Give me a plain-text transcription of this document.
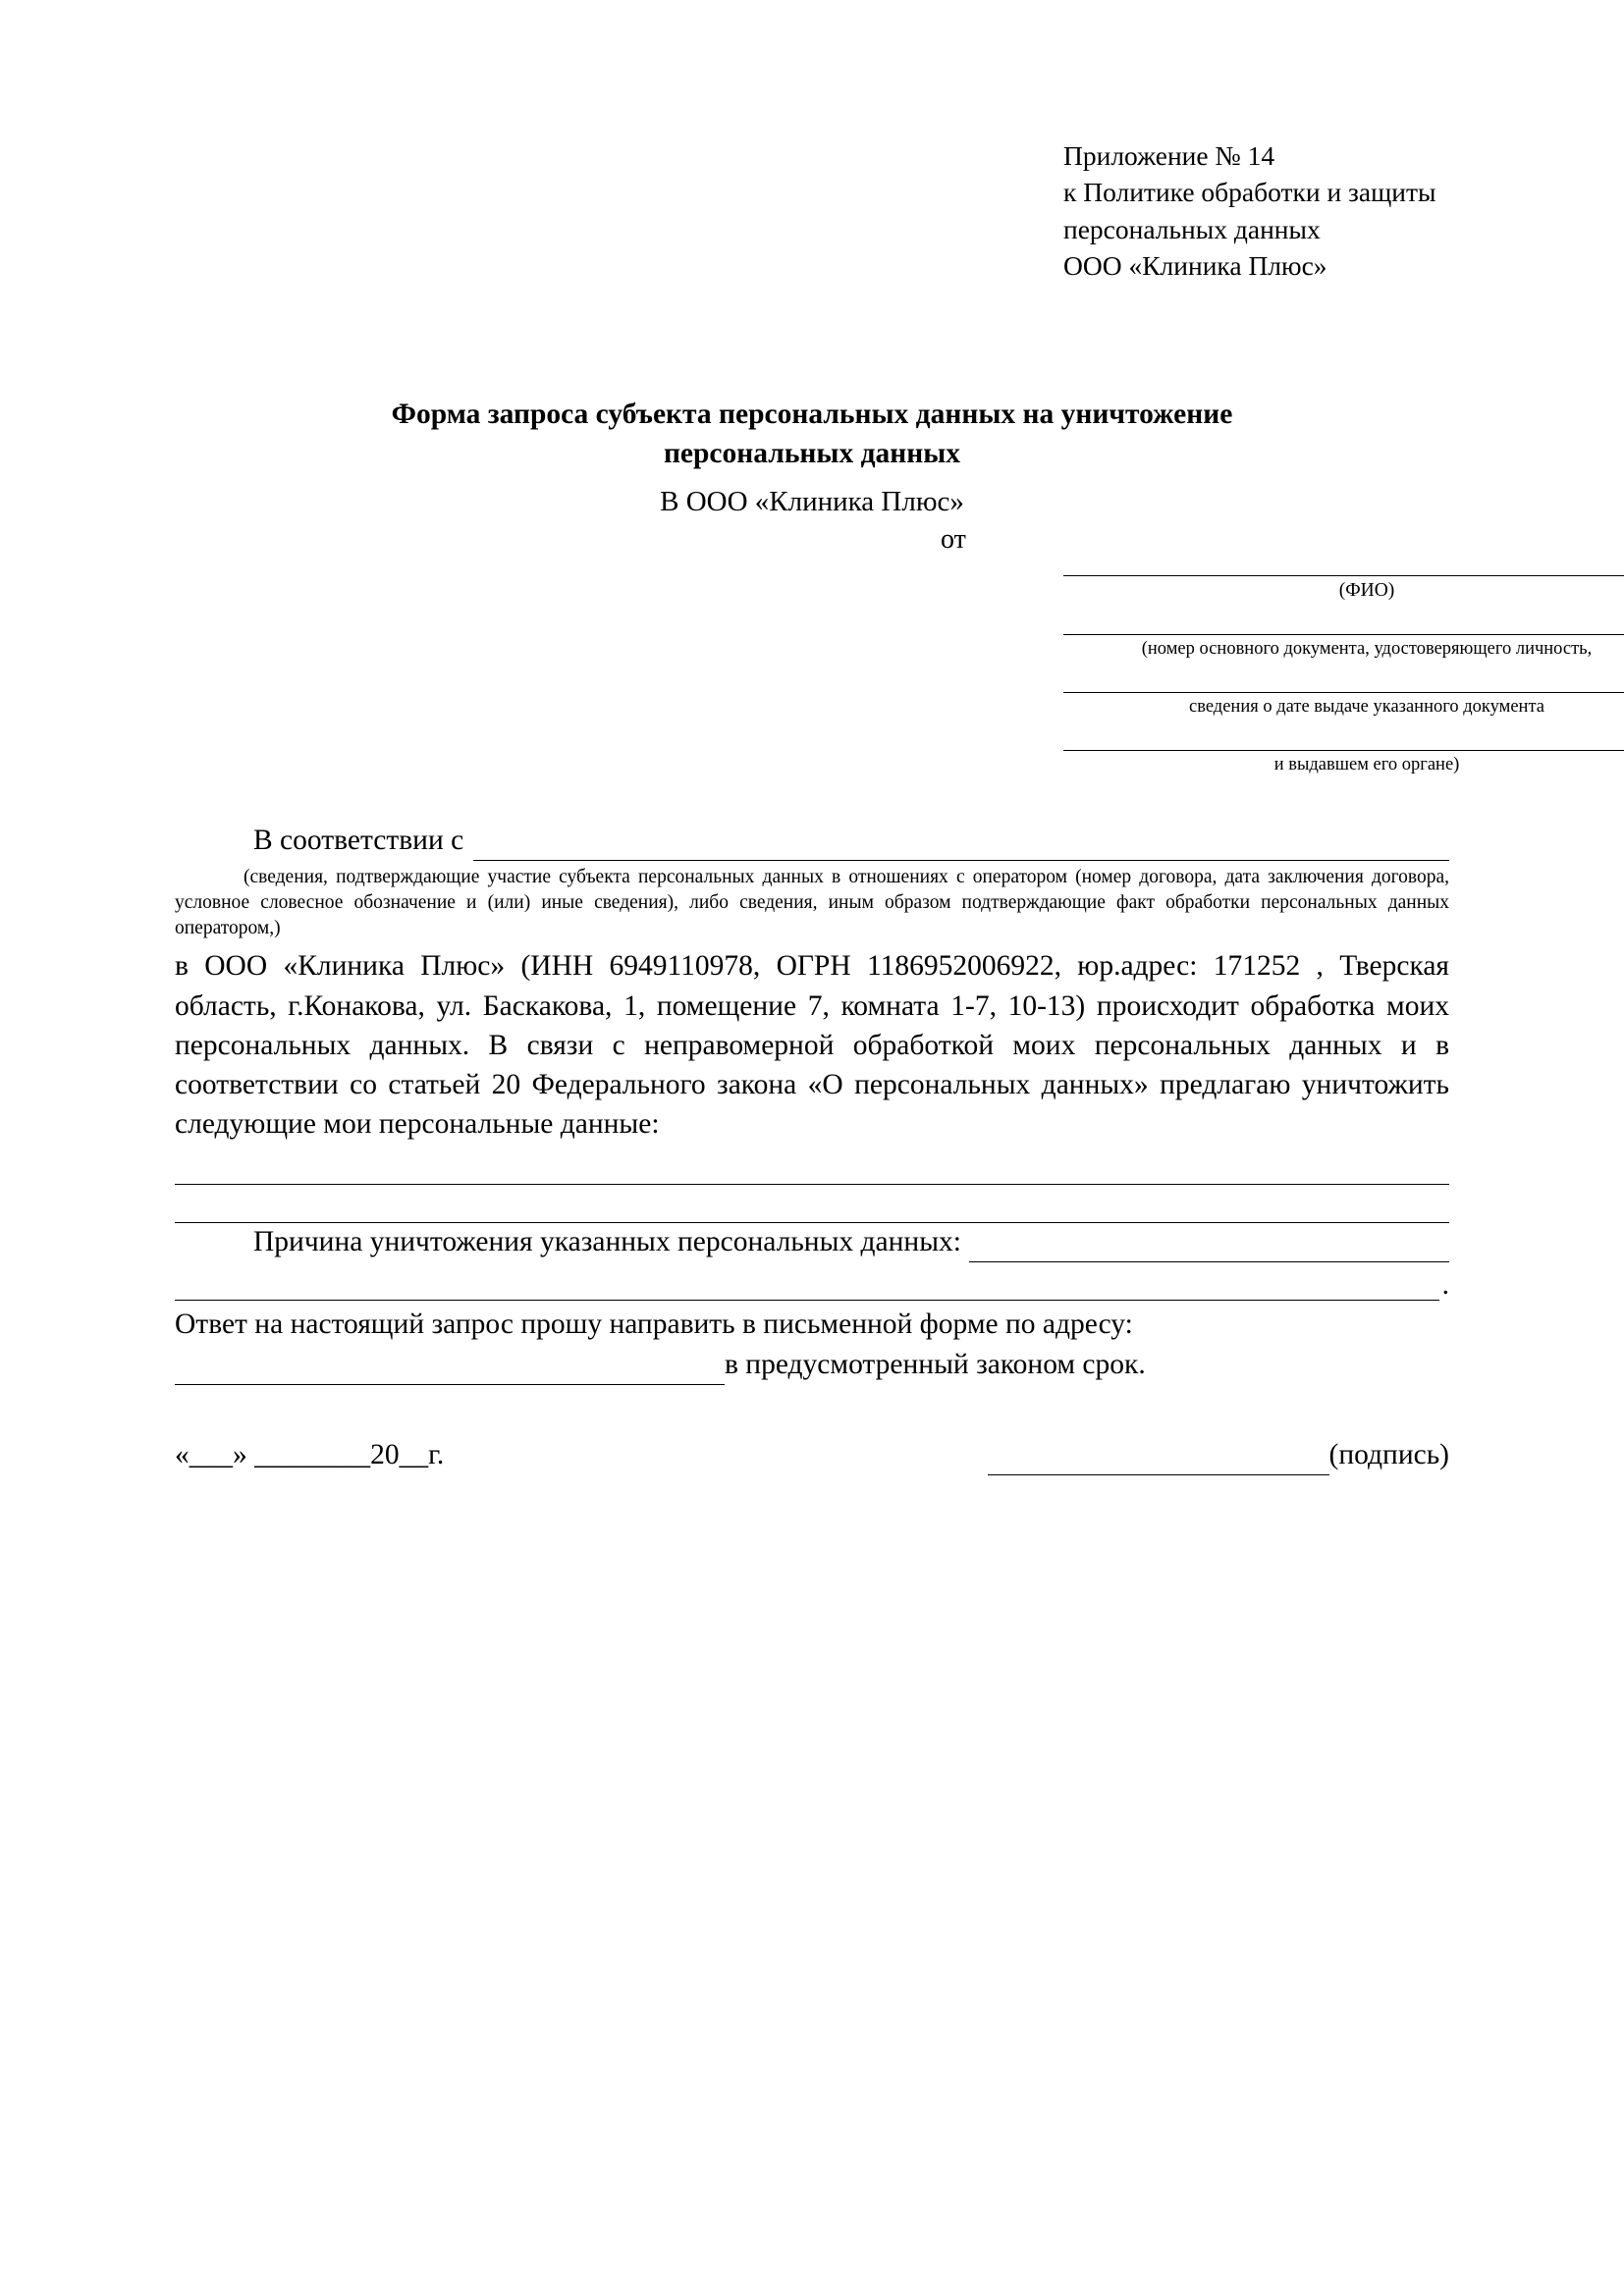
Приложение № 14
к Политике обработки и защиты
персональных данных
ООО «Клиника Плюс»
Форма запроса субъекта персональных данных на уничтожение
персональных данных
В ООО «Клиника Плюс»
от
(ФИО)
(номер основного документа, удостоверяющего личность,
сведения о дате выдаче указанного документа
и выдавшем его органе)
В соответствии с
(сведения, подтверждающие участие субъекта персональных данных в отношениях с оператором (номер договора, дата заключения договора, условное словесное обозначение и (или) иные сведения), либо сведения, иным образом подтверждающие факт обработки персональных данных оператором,)
в ООО «Клиника Плюс» (ИНН 6949110978, ОГРН 1186952006922, юр.адрес: 171252 , Тверская область, г.Конакова, ул. Баскакова, 1, помещение 7, комната 1-7, 10-13) происходит обработка моих персональных данных. В связи с неправомерной обработкой моих персональных данных и в соответствии со статьей 20 Федерального закона «О персональных данных» предлагаю уничтожить следующие мои персональные данные:
Причина уничтожения указанных персональных данных:
.
Ответ на настоящий запрос прошу направить в письменной форме по адресу:
в предусмотренный законом срок.
«___» ________20__г.	(подпись)
